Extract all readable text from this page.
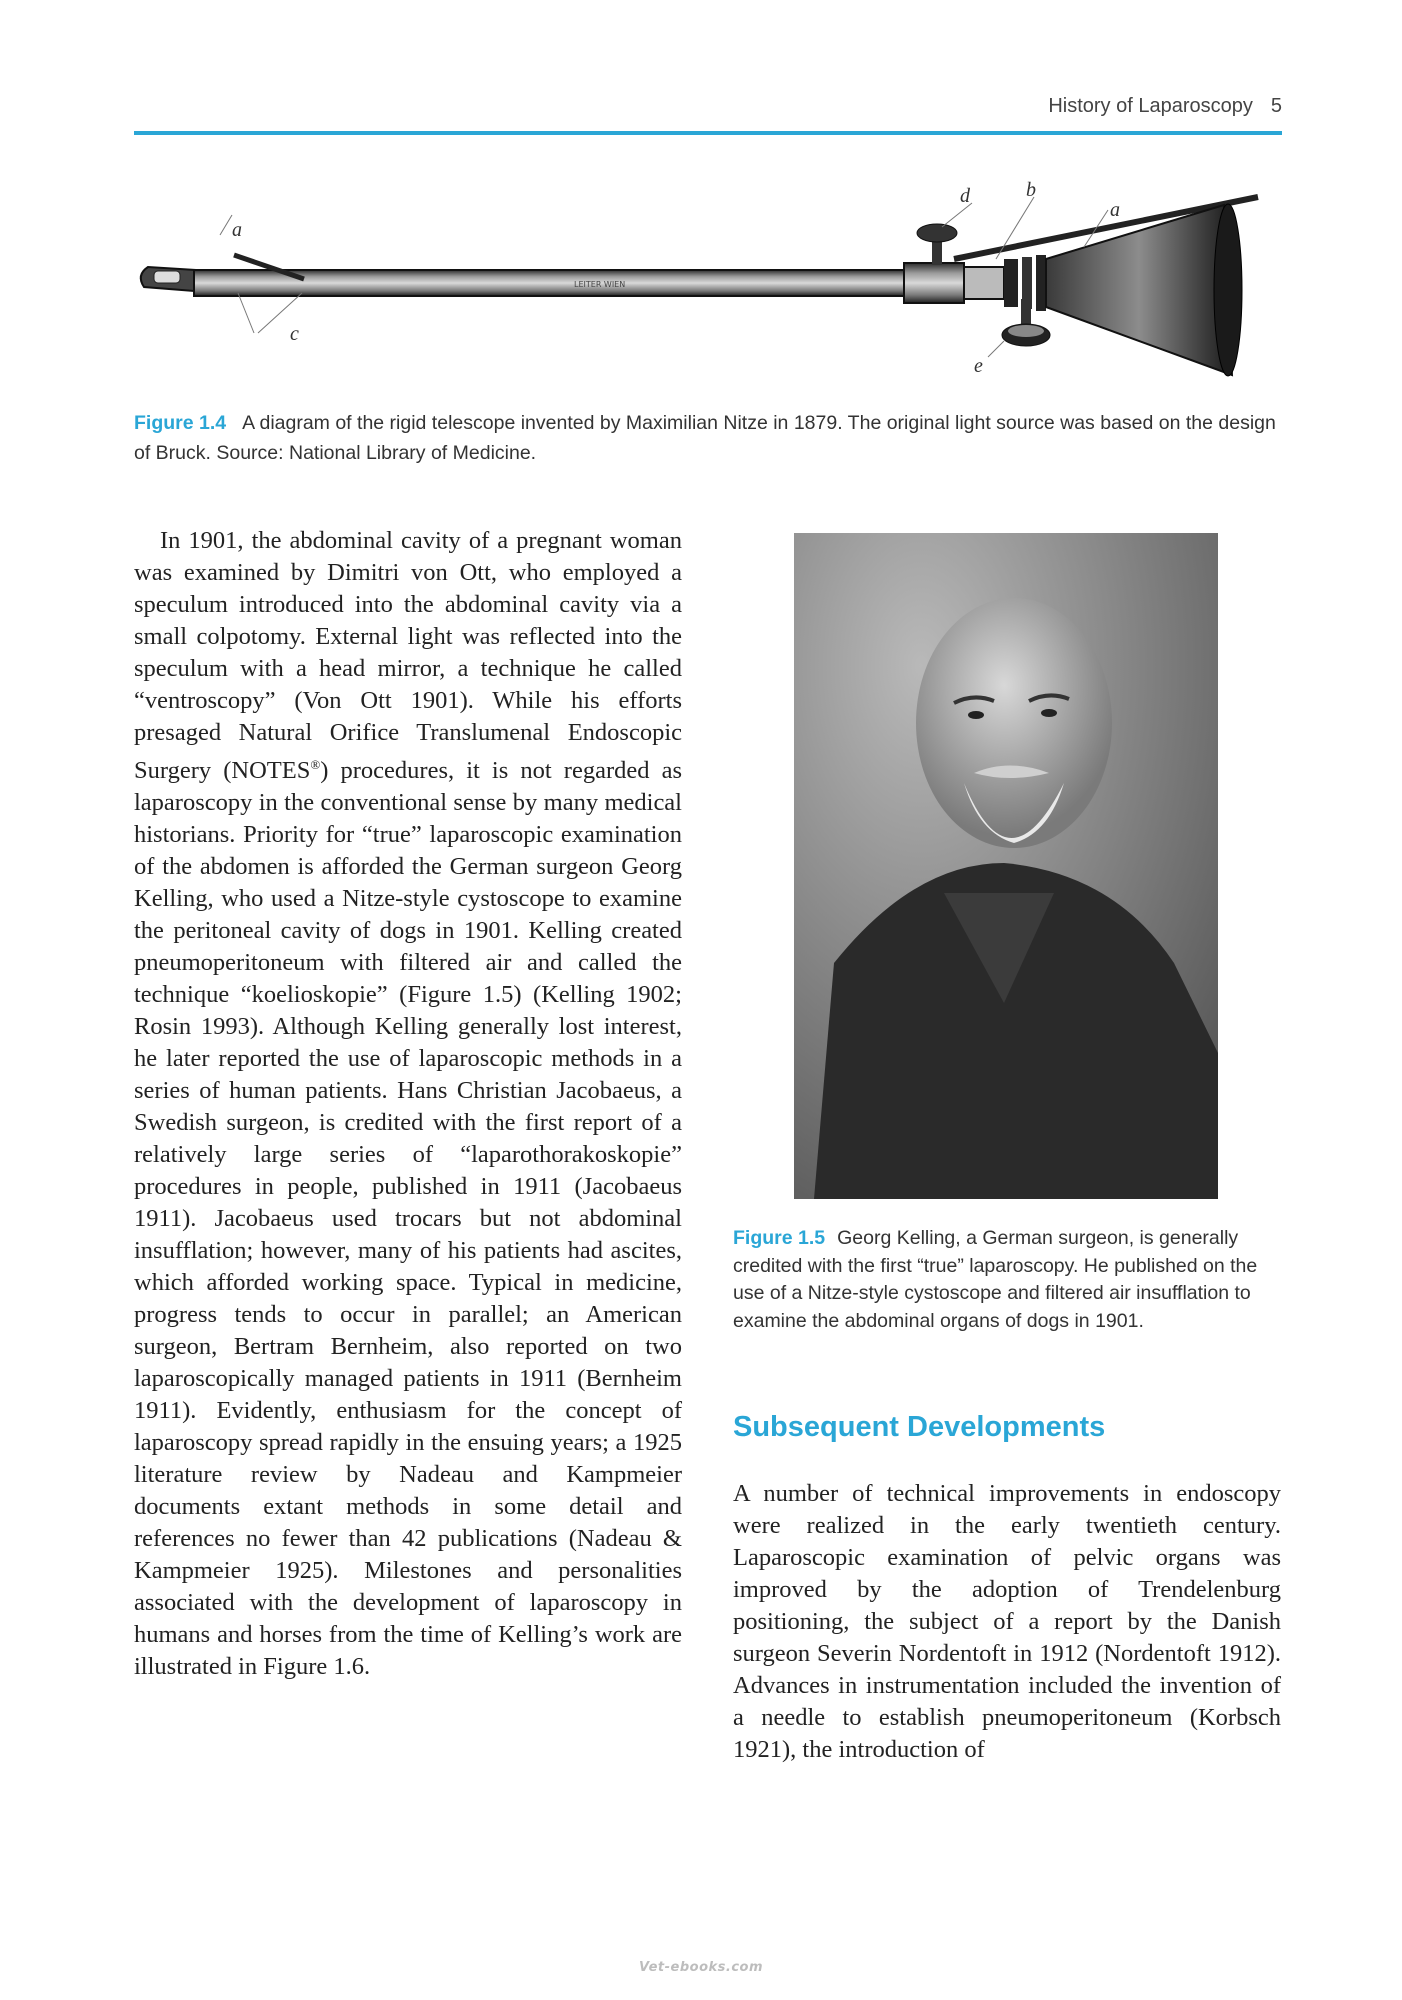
History of Laparoscopy 5
LEITER WIEN
a
c
d	b
a
e
Figure 1.4 A diagram of the rigid telescope invented by Maximilian Nitze in 1879. The original light source was based on the design of Bruck. Source: National Library of Medicine.

In 1901, the abdominal cavity of a pregnant woman was examined by Dimitri von Ott, who employed a speculum introduced into the abdominal cavity via a small colpotomy. External light was reflected into the speculum with a head mirror, a technique he called “ventroscopy” (Von Ott 1901). While his efforts presaged Natural Orifice Translumenal Endoscopic Surgery (NOTES®) procedures, it is not regarded as laparoscopy in the conventional sense by many medical historians. Priority for “true” laparoscopic examination of the abdomen is afforded the German surgeon Georg Kelling, who used a Nitze-style cystoscope to examine the peritoneal cavity of dogs in 1901. Kelling created pneumoperitoneum with filtered air and called the technique “koelioskopie” (Figure 1.5) (Kelling 1902; Rosin 1993). Although Kelling generally lost interest, he later reported the use of laparoscopic methods in a series of human patients. Hans Christian Jacobaeus, a Swedish surgeon, is credited with the first report of a relatively large series of “laparothorakoskopie” procedures in people, published in 1911 (Jacobaeus 1911). Jacobaeus used trocars but not abdominal insufflation; however, many of his patients had ascites, which afforded working space. Typical in medicine, progress tends to occur in parallel; an American surgeon, Bertram Bernheim, also reported on two laparoscopically managed patients in 1911 (Bernheim 1911). Evidently, enthusiasm for the concept of laparoscopy spread rapidly in the ensuing years; a 1925 literature review by Nadeau and Kampmeier documents extant methods in some detail and references no fewer than 42 publications (Nadeau & Kampmeier 1925). Milestones and personalities associated with the development of laparoscopy in humans and horses from the time of Kelling’s work are illustrated in Figure 1.6.

Figure 1.5 Georg Kelling, a German surgeon, is generally credited with the first “true” laparoscopy. He published on the use of a Nitze-style cystoscope and filtered air insufflation to examine the abdominal organs of dogs in 1901.
Subsequent Developments

A number of technical improvements in endoscopy were realized in the early twentieth century. Laparoscopic examination of pelvic organs was improved by the adoption of Trendelenburg positioning, the subject of a report by the Danish surgeon Severin Nordentoft in 1912 (Nordentoft 1912). Advances in instrumentation included the invention of a needle to establish pneumoperitoneum (Korbsch 1921), the introduction of

Vet-ebooks.com
